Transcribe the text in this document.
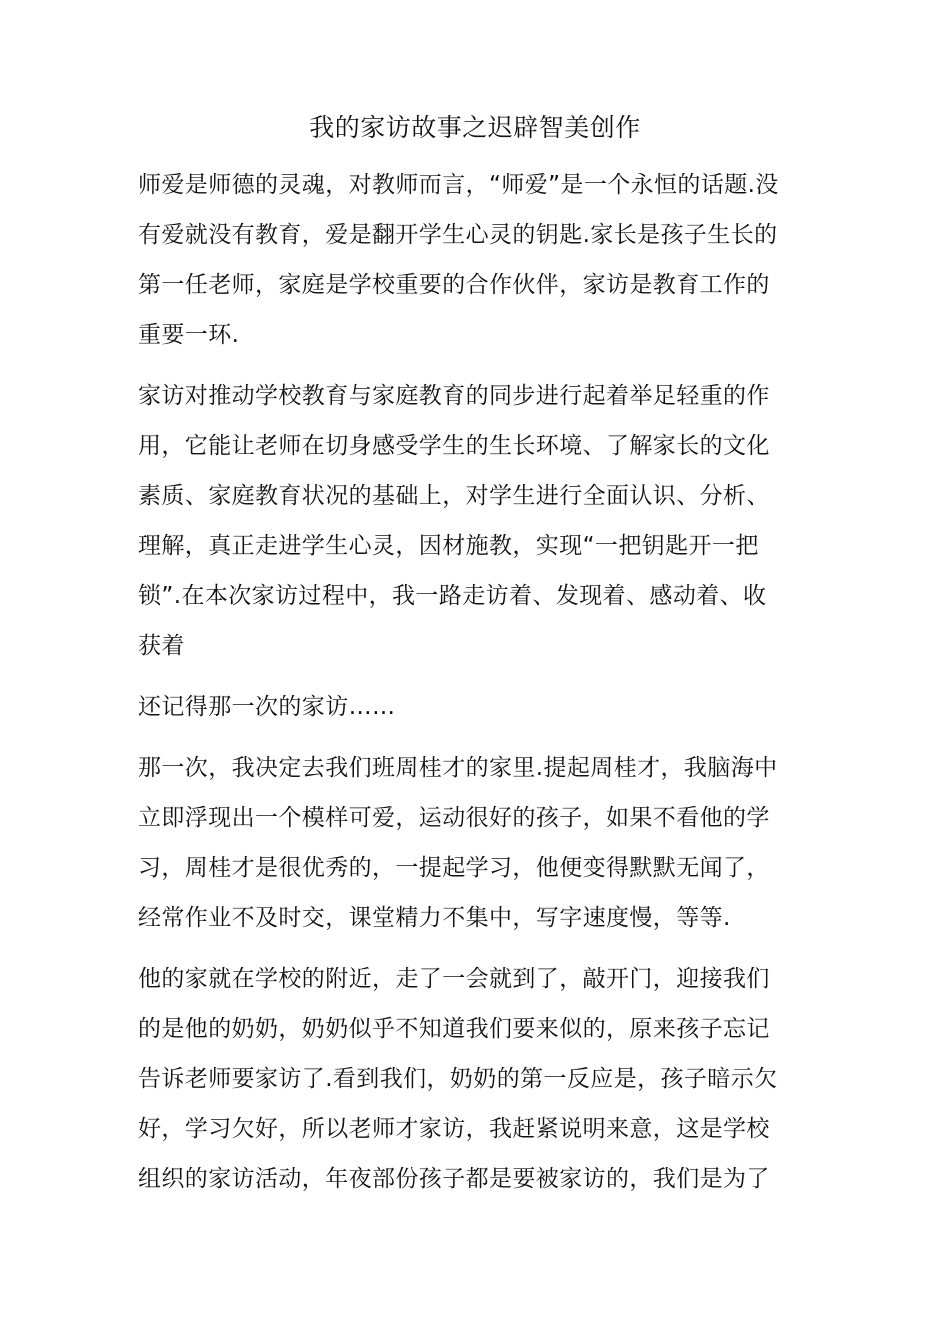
我的家访故事之迟辟智美创作

师爱是师德的灵魂，对教师而言，“师爱”是一个永恒的话题.没
有爱就没有教育，爱是翻开学生心灵的钥匙.家长是孩子生长的
第一任老师，家庭是学校重要的合作伙伴，家访是教育工作的
重要一环.

家访对推动学校教育与家庭教育的同步进行起着举足轻重的作
用，它能让老师在切身感受学生的生长环境、了解家长的文化
素质、家庭教育状况的基础上，对学生进行全面认识、分析、
理解，真正走进学生心灵，因材施教，实现“一把钥匙开一把
锁”.在本次家访过程中，我一路走访着、发现着、感动着、收
获着

还记得那一次的家访……

那一次，我决定去我们班周桂才的家里.提起周桂才，我脑海中
立即浮现出一个模样可爱，运动很好的孩子，如果不看他的学
习，周桂才是很优秀的，一提起学习，他便变得默默无闻了，
经常作业不及时交，课堂精力不集中，写字速度慢，等等.

他的家就在学校的附近，走了一会就到了，敲开门，迎接我们
的是他的奶奶，奶奶似乎不知道我们要来似的，原来孩子忘记
告诉老师要家访了.看到我们，奶奶的第一反应是，孩子暗示欠
好，学习欠好，所以老师才家访，我赶紧说明来意，这是学校
组织的家访活动，年夜部份孩子都是要被家访的，我们是为了
